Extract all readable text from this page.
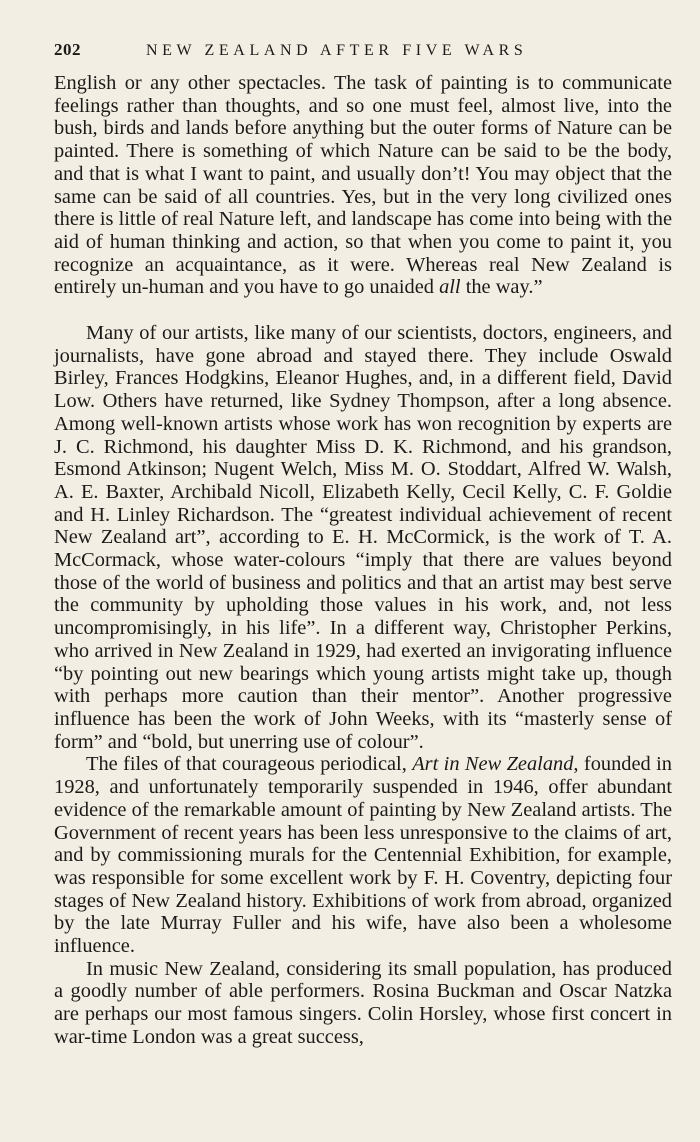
202	NEW ZEALAND AFTER FIVE WARS

English or any other spectacles. The task of painting is to communicate feelings rather than thoughts, and so one must feel, almost live, into the bush, birds and lands before anything but the outer forms of Nature can be painted. There is something of which Nature can be said to be the body, and that is what I want to paint, and usually don’t! You may object that the same can be said of all countries. Yes, but in the very long civilized ones there is little of real Nature left, and landscape has come into being with the aid of human thinking and action, so that when you come to paint it, you recognize an acquaintance, as it were. Whereas real New Zealand is entirely un-human and you have to go unaided all the way.”

Many of our artists, like many of our scientists, doctors, engineers, and journalists, have gone abroad and stayed there. They include Oswald Birley, Frances Hodgkins, Eleanor Hughes, and, in a different field, David Low. Others have returned, like Sydney Thompson, after a long absence. Among well-known artists whose work has won recognition by experts are J. C. Richmond, his daughter Miss D. K. Richmond, and his grandson, Esmond Atkinson; Nugent Welch, Miss M. O. Stoddart, Alfred W. Walsh, A. E. Baxter, Archibald Nicoll, Elizabeth Kelly, Cecil Kelly, C. F. Goldie and H. Linley Richardson. The “greatest individual achievement of recent New Zealand art”, according to E. H. McCormick, is the work of T. A. McCormack, whose water-colours “imply that there are values beyond those of the world of business and politics and that an artist may best serve the community by upholding those values in his work, and, not less uncompromisingly, in his life”. In a different way, Christopher Perkins, who arrived in New Zealand in 1929, had exerted an invigorating influence “by pointing out new bearings which young artists might take up, though with perhaps more caution than their mentor”. Another progressive influence has been the work of John Weeks, with its “masterly sense of form” and “bold, but unerring use of colour”.

The files of that courageous periodical, Art in New Zealand, founded in 1928, and unfortunately temporarily suspended in 1946, offer abundant evidence of the remarkable amount of painting by New Zealand artists. The Government of recent years has been less unresponsive to the claims of art, and by commissioning murals for the Centennial Exhibition, for example, was responsible for some excellent work by F. H. Coventry, depicting four stages of New Zealand history. Exhibitions of work from abroad, organized by the late Murray Fuller and his wife, have also been a wholesome influence.

In music New Zealand, considering its small population, has produced a goodly number of able performers. Rosina Buckman and Oscar Natzka are perhaps our most famous singers. Colin Horsley, whose first concert in war-time London was a great success,
